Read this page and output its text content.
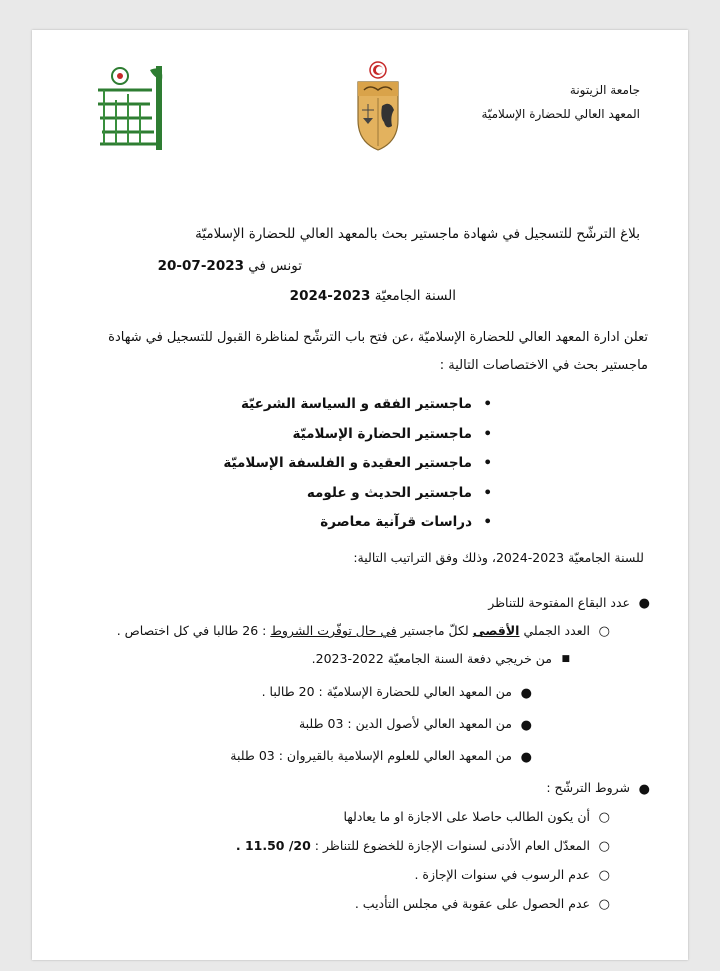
جامعة الزيتونة
المعهد العالي للحضارة الإسلاميّة
بلاغ الترشّح للتسجيل في شهادة ماجستير بحث بالمعهد العالي للحضارة الإسلاميّة
تونس في 2023-07-20
السنة الجامعيّة 2023-2024
تعلن ادارة المعهد العالي للحضارة الإسلاميّة ،عن فتح باب الترشّح لمناظرة القبول للتسجيل في شهادة
ماجستير بحث في الاختصاصات التالية :
• ماجستير الفقه و السياسة الشرعيّة
• ماجستير الحضارة الإسلاميّة
• ماجستير العقيدة و الفلسفة الإسلاميّة
• ماجستير الحديث و علومه
• دراسات قرآنية معاصرة
للسنة الجامعيّة 2023-2024، وذلك وفق التراتيب التالية:
●
عدد البقاع المفتوحة للتناظر
○
العدد الجملي الأقصى لكلّ ماجستير في حال توفّرت الشروط : 26 طالبا في كل اختصاص .
■
من خريجي دفعة السنة الجامعيّة 2022-2023.
●
من المعهد العالي للحضارة الإسلاميّة : 20 طالبا .
●
من المعهد العالي لأصول الدين : 03 طلبة
●
من المعهد العالي للعلوم الإسلامية بالقيروان : 03 طلبة
●
شروط الترشّح :
○
أن يكون الطالب حاصلا على الاجازة او ما يعادلها
○
المعدّل العام الأدنى لسنوات الإجازة للخضوع للتناظر : 20/ 11.50 .
○
عدم الرسوب في سنوات الإجازة .
○
عدم الحصول على عقوبة في مجلس التأديب .
